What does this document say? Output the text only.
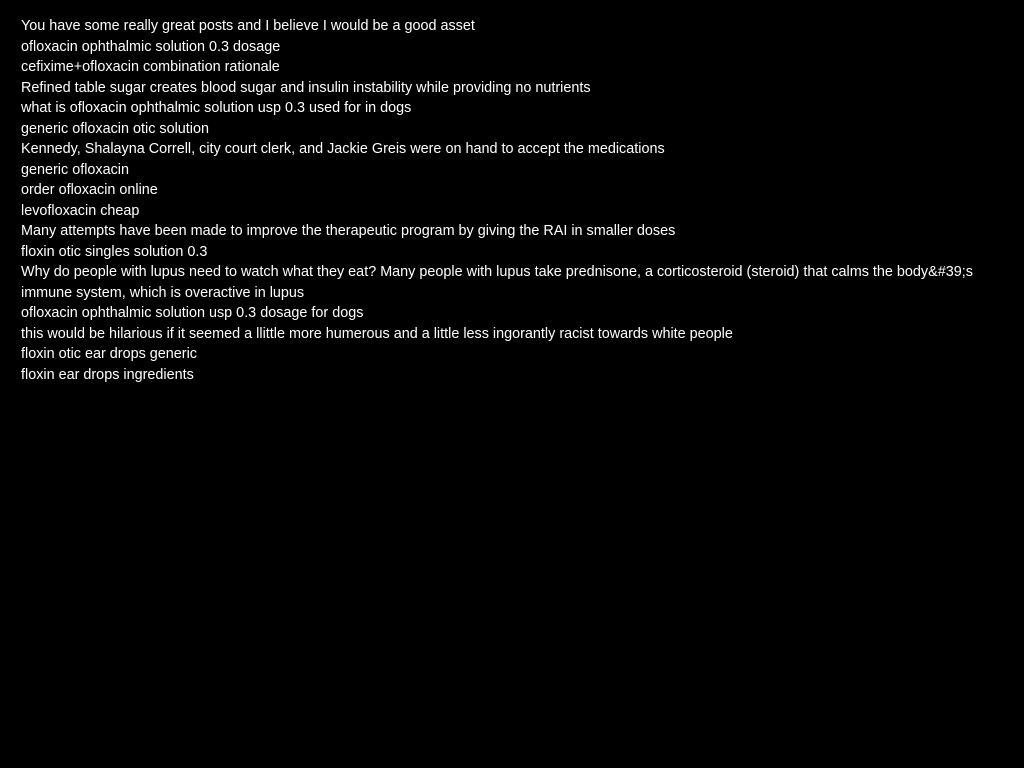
You have some really great posts and I believe I would be a good asset
ofloxacin ophthalmic solution 0.3 dosage
cefixime+ofloxacin combination rationale
Refined table sugar creates blood sugar and insulin instability while providing no nutrients
what is ofloxacin ophthalmic solution usp 0.3 used for in dogs
generic ofloxacin otic solution
Kennedy, Shalayna Correll, city court clerk, and Jackie Greis were on hand to accept the medications
generic ofloxacin
order ofloxacin online
levofloxacin cheap
Many attempts have been made to improve the therapeutic program by giving the RAI in smaller doses
floxin otic singles solution 0.3
Why do people with lupus need to watch what they eat? Many people with lupus take prednisone, a corticosteroid (steroid) that calms the body&#39;s immune system, which is overactive in lupus
ofloxacin ophthalmic solution usp 0.3 dosage for dogs
this would be hilarious if it seemed a llittle more humerous and a little less ingorantly racist towards white people
floxin otic ear drops generic
floxin ear drops ingredients
